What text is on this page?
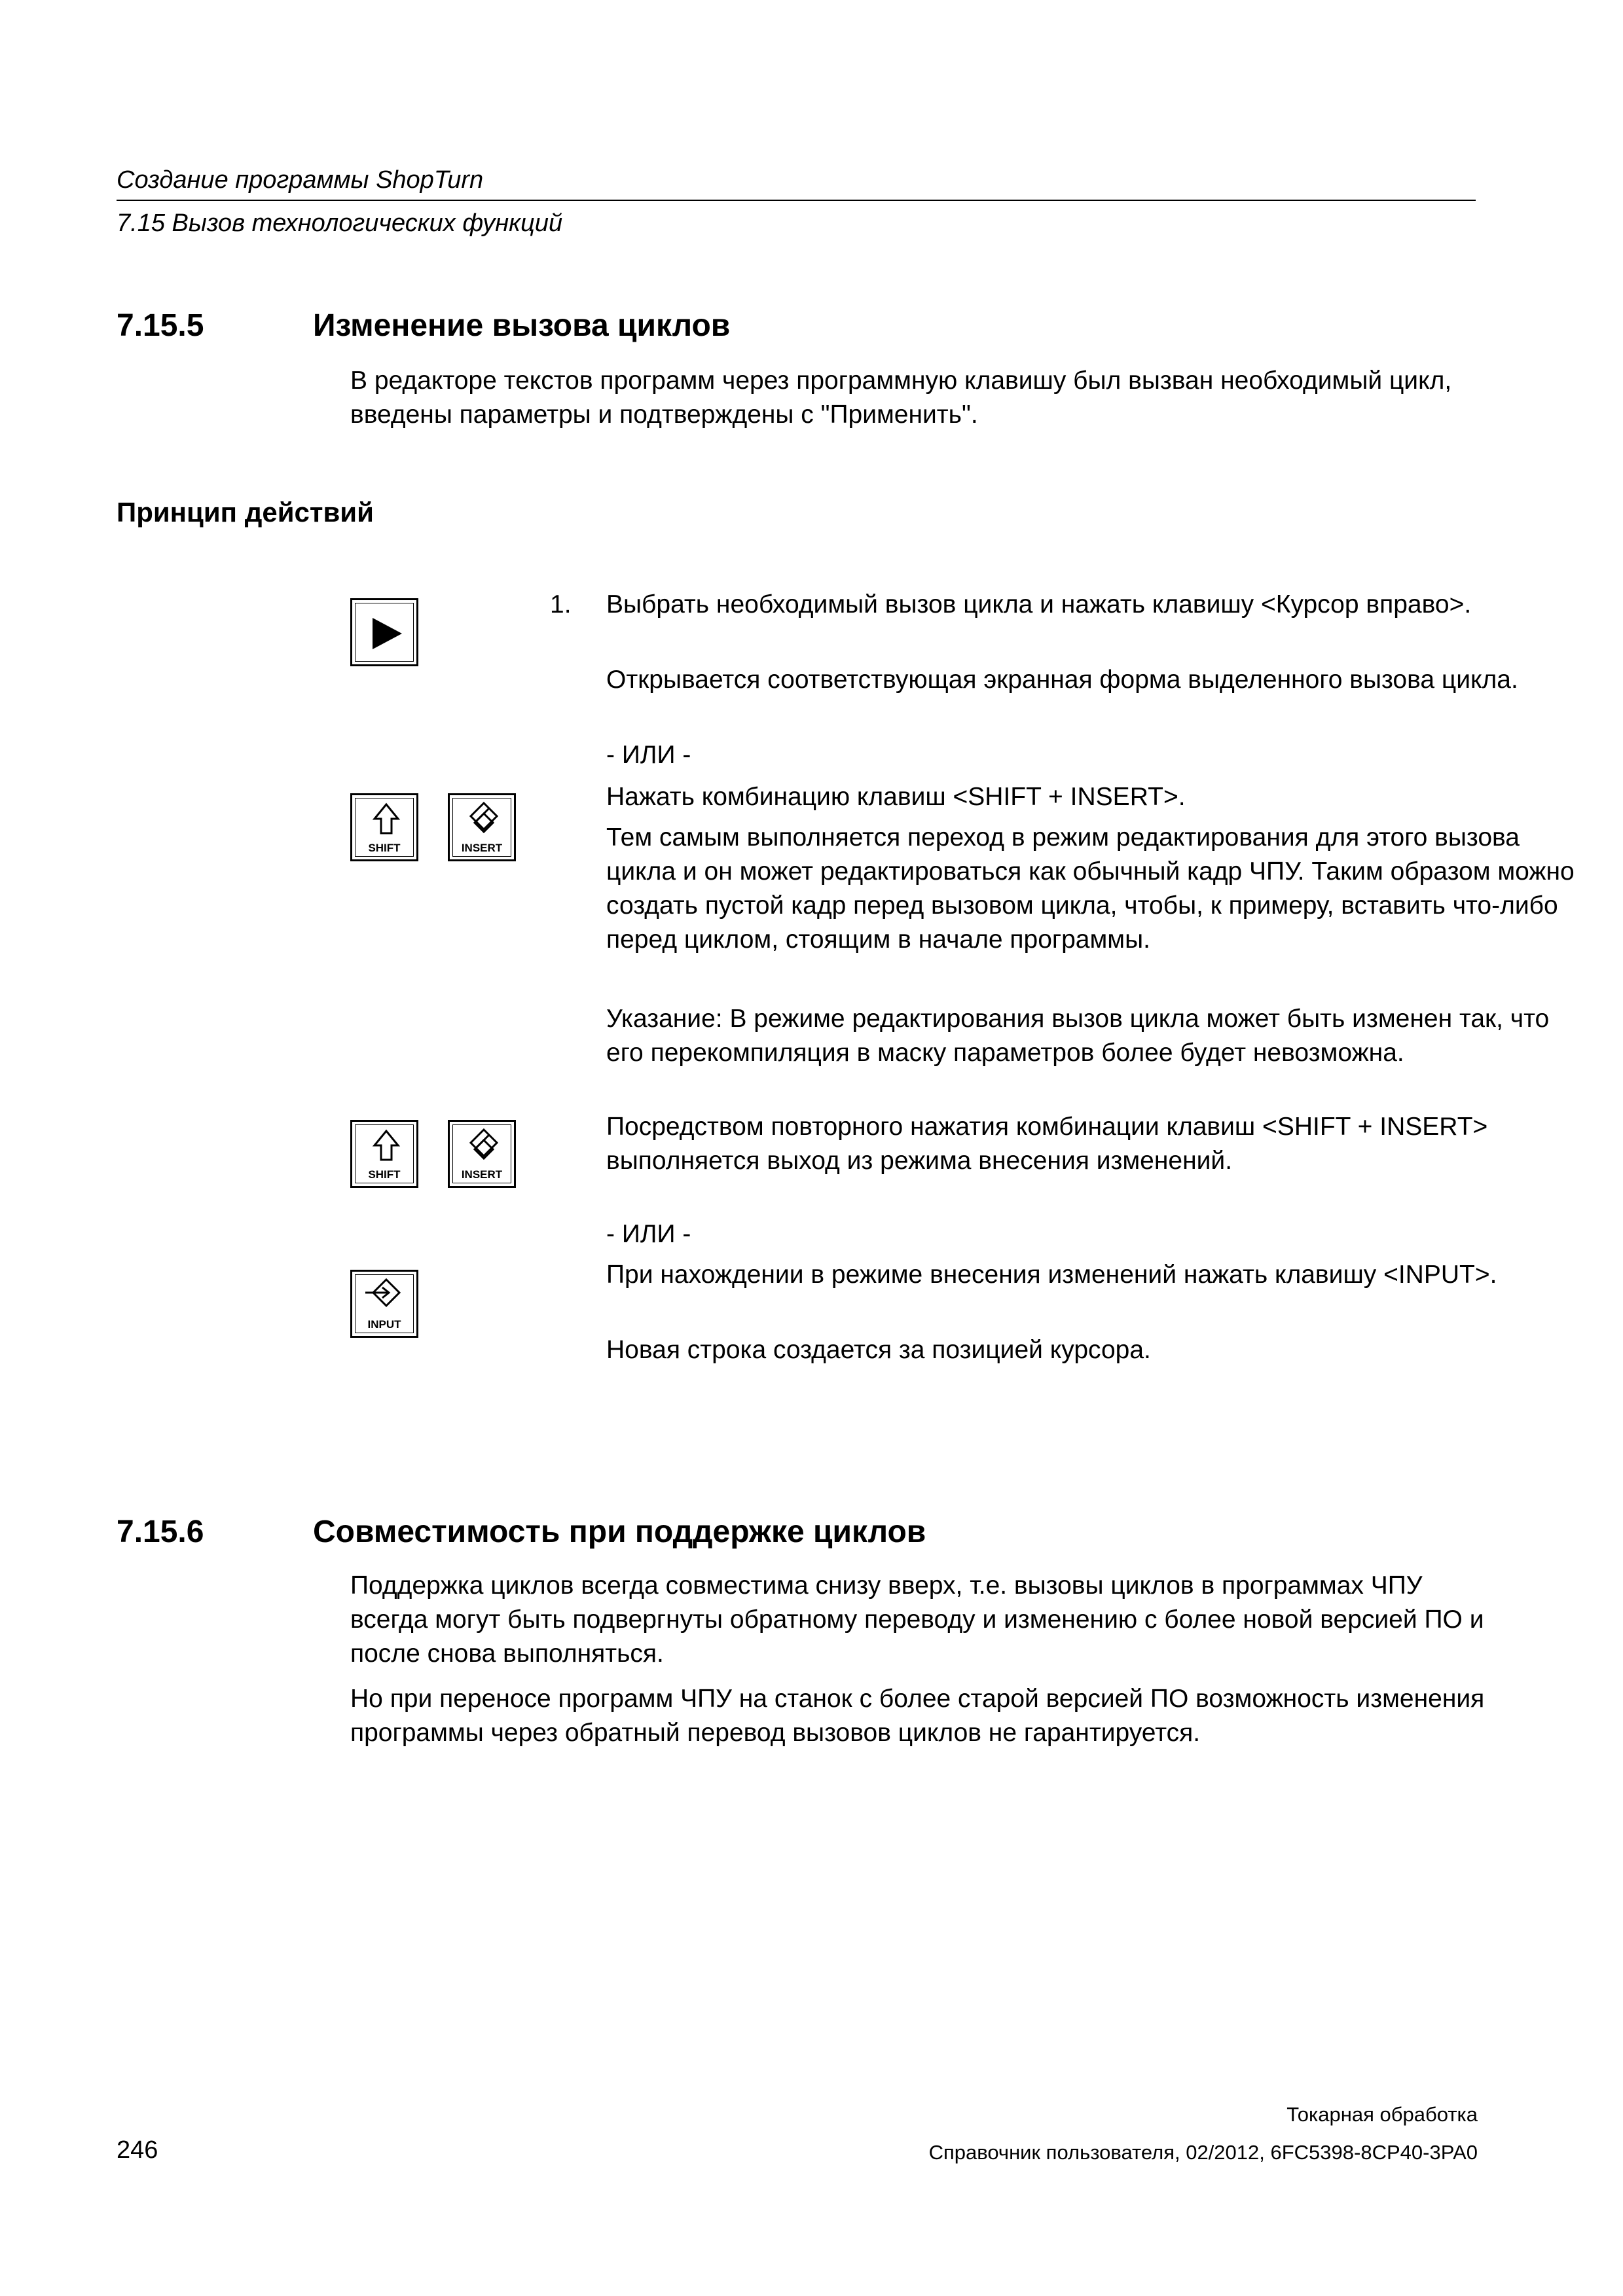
Создание программы ShopTurn
7.15 Вызов технологических функций
7.15.5	Изменение вызова циклов
В редакторе текстов программ через программную клавишу был вызван необходимый цикл, введены параметры и подтверждены с "Применить".
Принцип действий
SHIFT	INSERT
SHIFT	INSERT
INPUT
1. Выбрать необходимый вызов цикла и нажать клавишу <Курсор вправо>.
Открывается соответствующая экранная форма выделенного вызова цикла.
- ИЛИ -
Нажать комбинацию клавиш <SHIFT + INSERT>.
Тем самым выполняется переход в режим редактирования для этого вызова цикла и он может редактироваться как обычный кадр ЧПУ. Таким образом можно создать пустой кадр перед вызовом цикла, чтобы, к примеру, вставить что-либо перед циклом, стоящим в начале программы.
Указание: В режиме редактирования вызов цикла может быть изменен так, что его перекомпиляция в маску параметров более будет невозможна.
Посредством повторного нажатия комбинации клавиш <SHIFT + INSERT> выполняется выход из режима внесения изменений.
- ИЛИ -
При нахождении в режиме внесения изменений нажать клавишу <INPUT>.
Новая строка создается за позицией курсора.
7.15.6	Совместимость при поддержке циклов
Поддержка циклов всегда совместима снизу вверх, т.е. вызовы циклов в программах ЧПУ всегда могут быть подвергнуты обратному переводу и изменению с более новой версией ПО и после снова выполняться.
Но при переносе программ ЧПУ на станок с более старой версией ПО возможность изменения программы через обратный перевод вызовов циклов не гарантируется.
Токарная обработка
246	Справочник пользователя, 02/2012, 6FC5398-8CP40-3PA0
